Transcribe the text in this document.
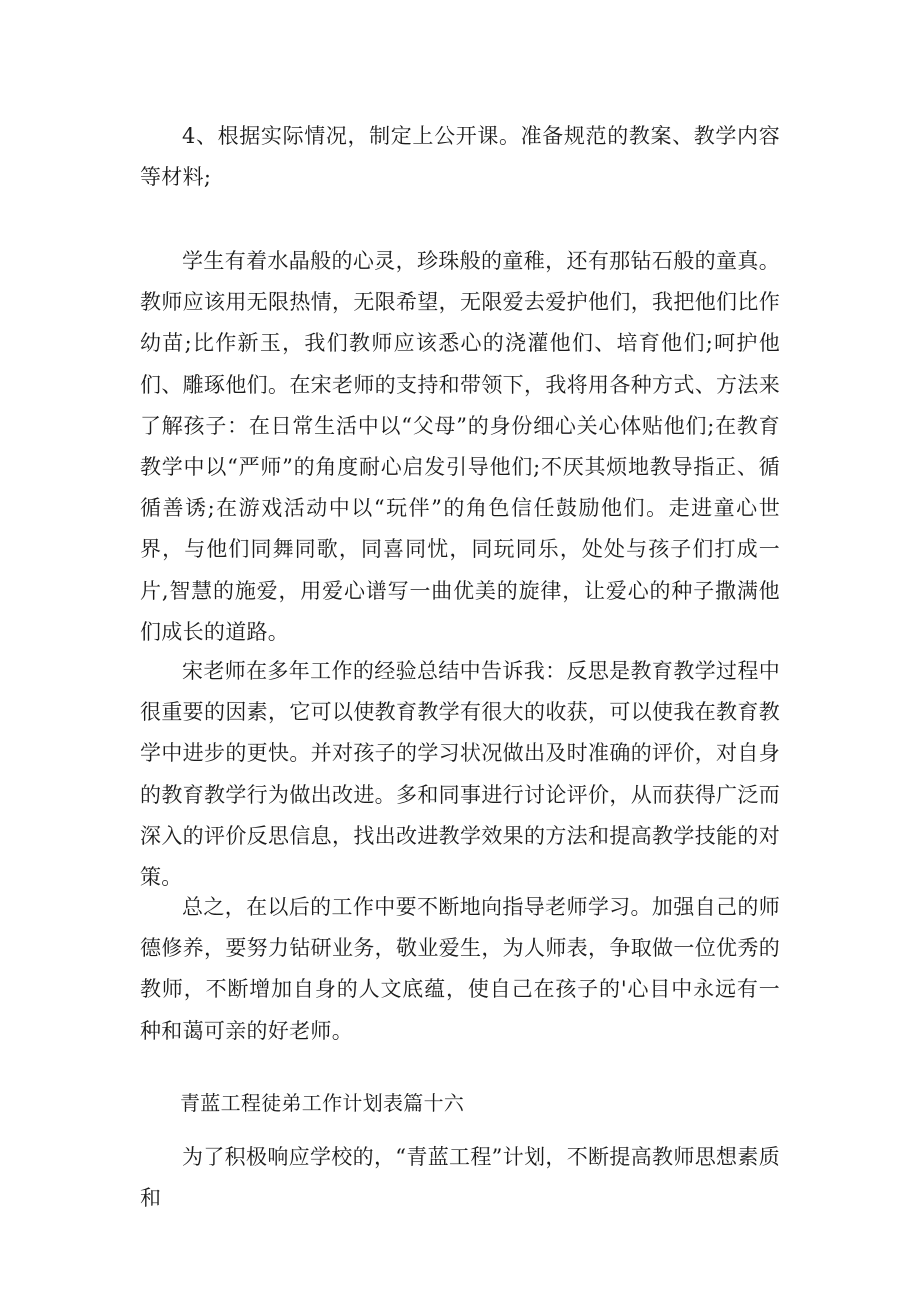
4、根据实际情况，制定上公开课。准备规范的教案、教学内容等材料;

学生有着水晶般的心灵，珍珠般的童稚，还有那钻石般的童真。教师应该用无限热情，无限希望，无限爱去爱护他们，我把他们比作幼苗;比作新玉，我们教师应该悉心的浇灌他们、培育他们;呵护他们、雕琢他们。在宋老师的支持和带领下，我将用各种方式、方法来了解孩子：在日常生活中以“父母”的身份细心关心体贴他们;在教育教学中以“严师”的角度耐心启发引导他们;不厌其烦地教导指正、循循善诱;在游戏活动中以“玩伴”的角色信任鼓励他们。走进童心世界，与他们同舞同歌，同喜同忧，同玩同乐，处处与孩子们打成一片,智慧的施爱，用爱心谱写一曲优美的旋律，让爱心的种子撒满他们成长的道路。

宋老师在多年工作的经验总结中告诉我：反思是教育教学过程中很重要的因素，它可以使教育教学有很大的收获，可以使我在教育教学中进步的更快。并对孩子的学习状况做出及时准确的评价，对自身的教育教学行为做出改进。多和同事进行讨论评价，从而获得广泛而深入的评价反思信息，找出改进教学效果的方法和提高教学技能的对策。

总之，在以后的工作中要不断地向指导老师学习。加强自己的师德修养，要努力钻研业务，敬业爱生，为人师表，争取做一位优秀的教师，不断增加自身的人文底蕴，使自己在孩子的'心目中永远有一种和蔼可亲的好老师。

青蓝工程徒弟工作计划表篇十六

为了积极响应学校的，“青蓝工程”计划，不断提高教师思想素质和
